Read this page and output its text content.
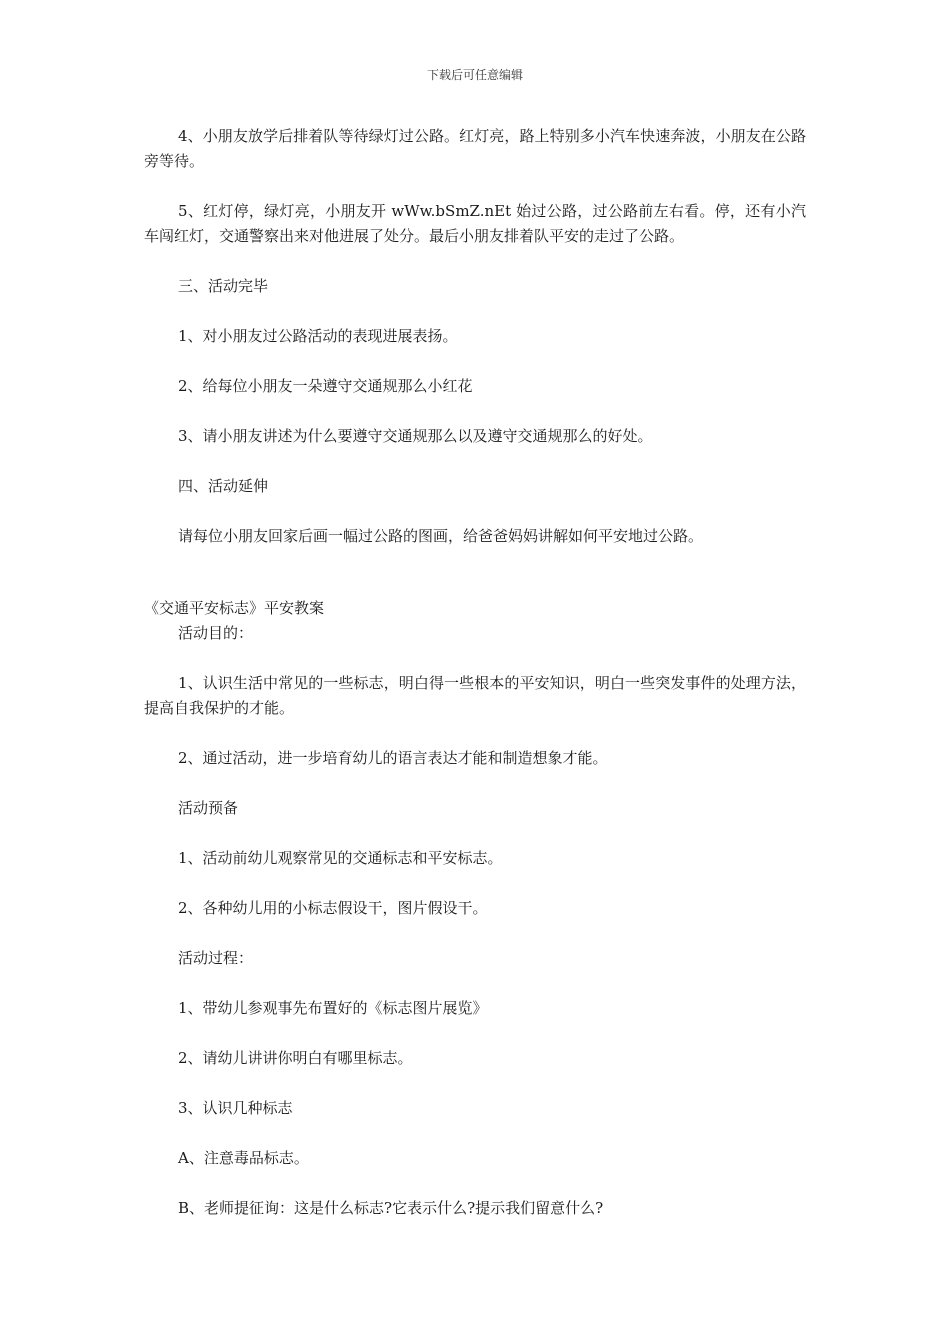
下载后可任意编辑

4、小朋友放学后排着队等待绿灯过公路。红灯亮，路上特别多小汽车快速奔波，小朋友在公路旁等待。

5、红灯停，绿灯亮，小朋友开 wWw.bSmZ.nEt 始过公路，过公路前左右看。停，还有小汽车闯红灯，交通警察出来对他进展了处分。最后小朋友排着队平安的走过了公路。

三、活动完毕

1、对小朋友过公路活动的表现进展表扬。

2、给每位小朋友一朵遵守交通规那么小红花

3、请小朋友讲述为什么要遵守交通规那么以及遵守交通规那么的好处。

四、活动延伸

请每位小朋友回家后画一幅过公路的图画，给爸爸妈妈讲解如何平安地过公路。

《交通平安标志》平安教案

活动目的：

1、认识生活中常见的一些标志，明白得一些根本的平安知识，明白一些突发事件的处理方法，提高自我保护的才能。

2、通过活动，进一步培育幼儿的语言表达才能和制造想象才能。

活动预备

1、活动前幼儿观察常见的交通标志和平安标志。

2、各种幼儿用的小标志假设干，图片假设干。

活动过程：

1、带幼儿参观事先布置好的《标志图片展览》

2、请幼儿讲讲你明白有哪里标志。

3、认识几种标志

A、注意毒品标志。

B、老师提征询：这是什么标志?它表示什么?提示我们留意什么?
